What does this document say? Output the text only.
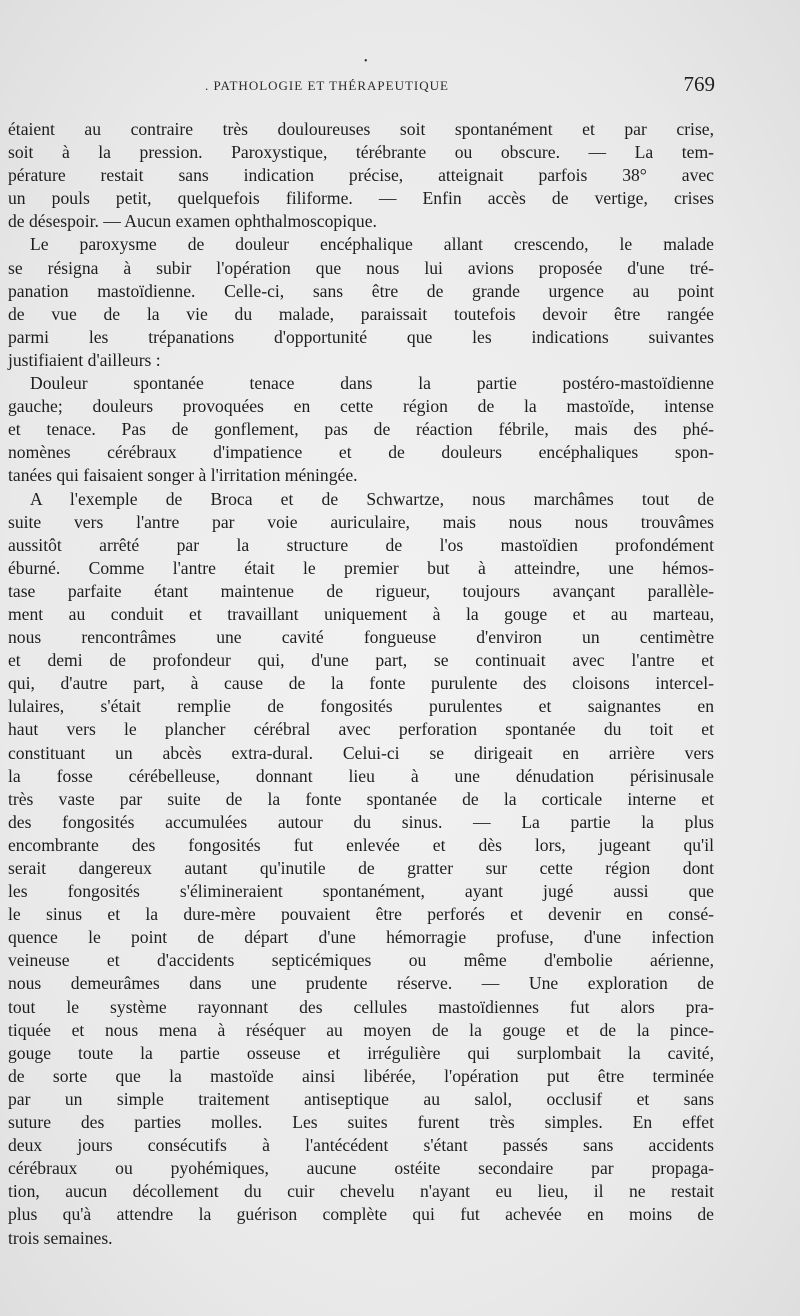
•
. PATHOLOGIE ET THÉRAPEUTIQUE	769
étaient au contraire très douloureuses soit spontanément et par crise,
soit à la pression. Paroxystique, térébrante ou obscure. — La tem-
pérature restait sans indication précise, atteignait parfois 38° avec
un pouls petit, quelquefois filiforme. — Enfin accès de vertige, crises
de désespoir. — Aucun examen ophthalmoscopique.
Le paroxysme de douleur encéphalique allant crescendo, le malade
se résigna à subir l'opération que nous lui avions proposée d'une tré-
panation mastoïdienne. Celle-ci, sans être de grande urgence au point
de vue de la vie du malade, paraissait toutefois devoir être rangée
parmi les trépanations d'opportunité que les indications suivantes
justifiaient d'ailleurs :
Douleur spontanée tenace dans la partie postéro-mastoïdienne
gauche; douleurs provoquées en cette région de la mastoïde, intense
et tenace. Pas de gonflement, pas de réaction fébrile, mais des phé-
nomènes cérébraux d'impatience et de douleurs encéphaliques spon-
tanées qui faisaient songer à l'irritation méningée.
A l'exemple de Broca et de Schwartze, nous marchâmes tout de
suite vers l'antre par voie auriculaire, mais nous nous trouvâmes
aussitôt arrêté par la structure de l'os mastoïdien profondément
éburné. Comme l'antre était le premier but à atteindre, une hémos-
tase parfaite étant maintenue de rigueur, toujours avançant parallèle-
ment au conduit et travaillant uniquement à la gouge et au marteau,
nous rencontrâmes une cavité fongueuse d'environ un centimètre
et demi de profondeur qui, d'une part, se continuait avec l'antre et
qui, d'autre part, à cause de la fonte purulente des cloisons intercel-
lulaires, s'était remplie de fongosités purulentes et saignantes en
haut vers le plancher cérébral avec perforation spontanée du toit et
constituant un abcès extra-dural. Celui-ci se dirigeait en arrière vers
la fosse cérébelleuse, donnant lieu à une dénudation périsinusale
très vaste par suite de la fonte spontanée de la corticale interne et
des fongosités accumulées autour du sinus. — La partie la plus
encombrante des fongosités fut enlevée et dès lors, jugeant qu'il
serait dangereux autant qu'inutile de gratter sur cette région dont
les fongosités s'élimineraient spontanément, ayant jugé aussi que
le sinus et la dure-mère pouvaient être perforés et devenir en consé-
quence le point de départ d'une hémorragie profuse, d'une infection
veineuse et d'accidents septicémiques ou même d'embolie aérienne,
nous demeurâmes dans une prudente réserve. — Une exploration de
tout le système rayonnant des cellules mastoïdiennes fut alors pra-
tiquée et nous mena à réséquer au moyen de la gouge et de la pince-
gouge toute la partie osseuse et irrégulière qui surplombait la cavité,
de sorte que la mastoïde ainsi libérée, l'opération put être terminée
par un simple traitement antiseptique au salol, occlusif et sans
suture des parties molles. Les suites furent très simples. En effet
deux jours consécutifs à l'antécédent s'étant passés sans accidents
cérébraux ou pyohémiques, aucune ostéite secondaire par propaga-
tion, aucun décollement du cuir chevelu n'ayant eu lieu, il ne restait
plus qu'à attendre la guérison complète qui fut achevée en moins de
trois semaines.
